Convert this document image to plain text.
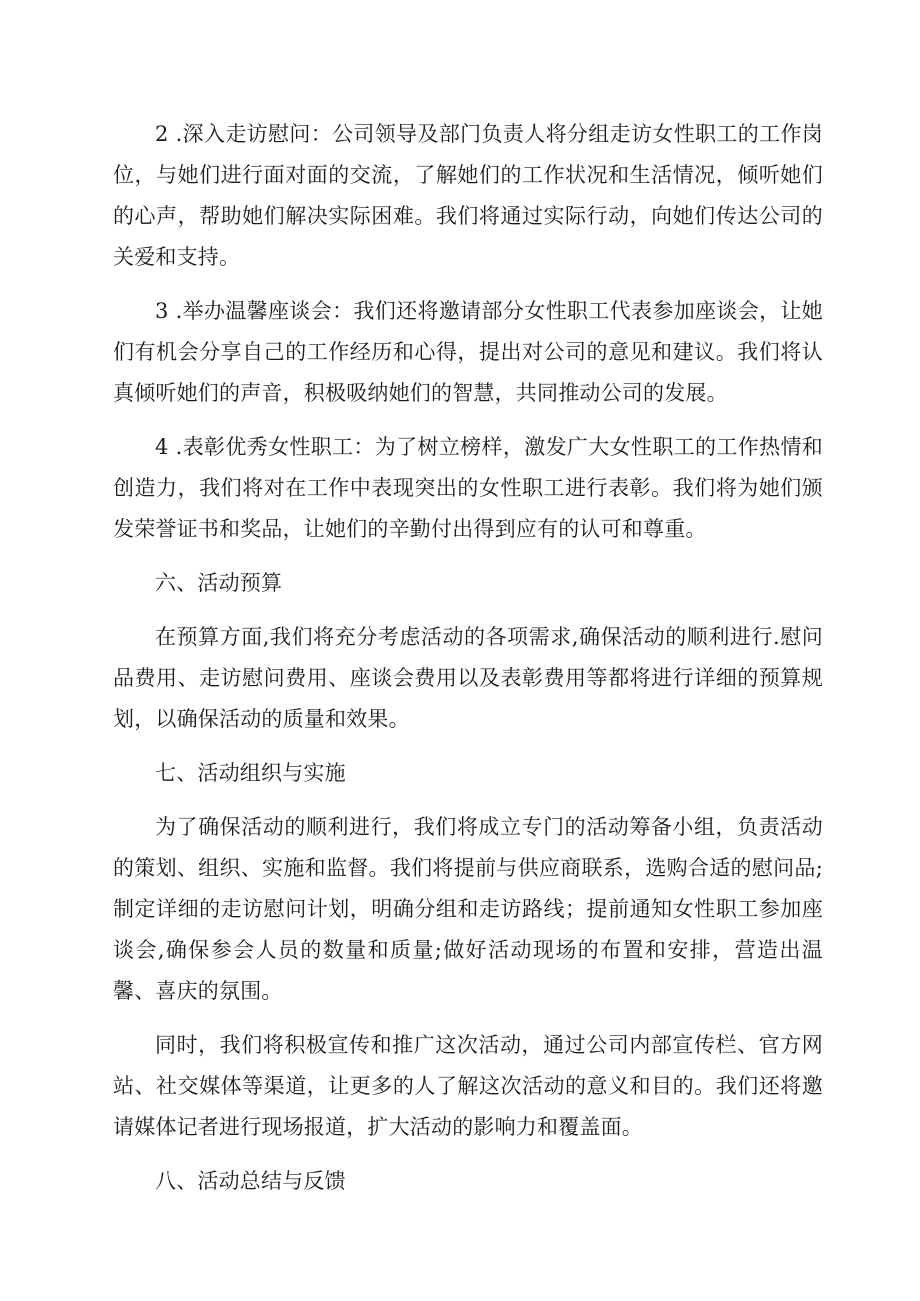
2 .深入走访慰问：公司领导及部门负责人将分组走访女性职工的工作岗位，与她们进行面对面的交流，了解她们的工作状况和生活情况，倾听她们的心声，帮助她们解决实际困难。我们将通过实际行动，向她们传达公司的关爱和支持。

3 .举办温馨座谈会：我们还将邀请部分女性职工代表参加座谈会，让她们有机会分享自己的工作经历和心得，提出对公司的意见和建议。我们将认真倾听她们的声音，积极吸纳她们的智慧，共同推动公司的发展。

4 .表彰优秀女性职工：为了树立榜样，激发广大女性职工的工作热情和创造力，我们将对在工作中表现突出的女性职工进行表彰。我们将为她们颁发荣誉证书和奖品，让她们的辛勤付出得到应有的认可和尊重。

六、活动预算

在预算方面,我们将充分考虑活动的各项需求,确保活动的顺利进行.慰问品费用、走访慰问费用、座谈会费用以及表彰费用等都将进行详细的预算规划，以确保活动的质量和效果。

七、活动组织与实施

为了确保活动的顺利进行，我们将成立专门的活动筹备小组，负责活动的策划、组织、实施和监督。我们将提前与供应商联系，选购合适的慰问品;制定详细的走访慰问计划，明确分组和走访路线；提前通知女性职工参加座谈会,确保参会人员的数量和质量;做好活动现场的布置和安排，营造出温馨、喜庆的氛围。

同时，我们将积极宣传和推广这次活动，通过公司内部宣传栏、官方网站、社交媒体等渠道，让更多的人了解这次活动的意义和目的。我们还将邀请媒体记者进行现场报道，扩大活动的影响力和覆盖面。

八、活动总结与反馈
